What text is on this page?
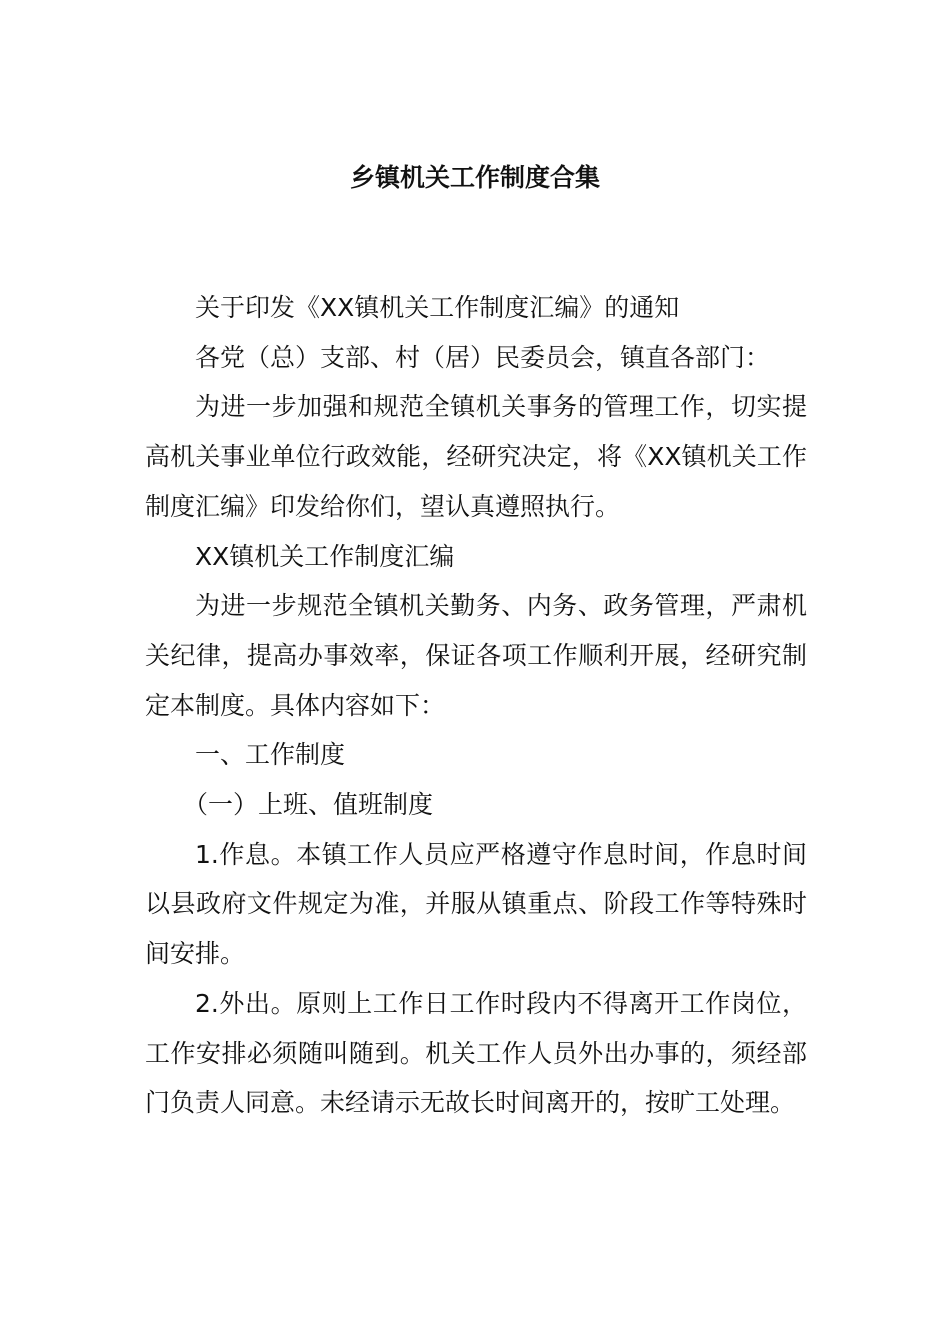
乡镇机关工作制度合集

关于印发《XX镇机关工作制度汇编》的通知

各党（总）支部、村（居）民委员会，镇直各部门：

为进一步加强和规范全镇机关事务的管理工作，切实提高机关事业单位行政效能，经研究决定，将《XX镇机关工作制度汇编》印发给你们，望认真遵照执行。

XX镇机关工作制度汇编

为进一步规范全镇机关勤务、内务、政务管理，严肃机关纪律，提高办事效率，保证各项工作顺利开展，经研究制定本制度。具体内容如下：

一、工作制度

（一）上班、值班制度

1.作息。本镇工作人员应严格遵守作息时间，作息时间以县政府文件规定为准，并服从镇重点、阶段工作等特殊时间安排。

2.外出。原则上工作日工作时段内不得离开工作岗位，工作安排必须随叫随到。机关工作人员外出办事的，须经部门负责人同意。未经请示无故长时间离开的，按旷工处理。
